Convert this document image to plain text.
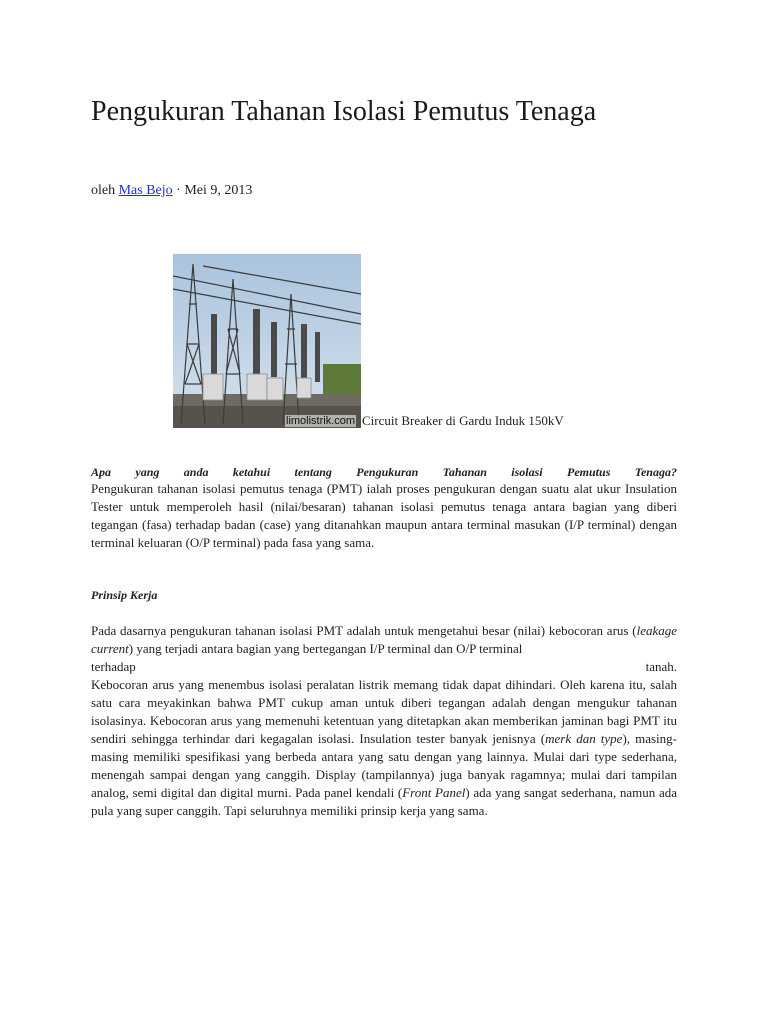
Pengukuran Tahanan Isolasi Pemutus Tenaga
oleh Mas Bejo · Mei 9, 2013
limolistrik.com Circuit Breaker di Gardu Induk 150kV
Apa yang anda ketahui tentang Pengukuran Tahanan isolasi Pemutus Tenaga?

Pengukuran tahanan isolasi pemutus tenaga (PMT) ialah proses pengukuran dengan suatu alat ukur Insulation Tester untuk memperoleh hasil (nilai/besaran) tahanan isolasi pemutus tenaga antara bagian yang diberi tegangan (fasa) terhadap badan (case) yang ditanahkan maupun antara terminal masukan (I/P terminal) dengan terminal keluaran (O/P terminal) pada fasa yang sama.

Prinsip Kerja

Pada dasarnya pengukuran tahanan isolasi PMT adalah untuk mengetahui besar (nilai) kebocoran arus (leakage current) yang terjadi antara bagian yang bertegangan I/P terminal dan O/P terminal

terhadap	tanah.

Kebocoran arus yang menembus isolasi peralatan listrik memang tidak dapat dihindari. Oleh karena itu, salah satu cara meyakinkan bahwa PMT cukup aman untuk diberi tegangan adalah dengan mengukur tahanan isolasinya. Kebocoran arus yang memenuhi ketentuan yang ditetapkan akan memberikan jaminan bagi PMT itu sendiri sehingga terhindar dari kegagalan isolasi. Insulation tester banyak jenisnya (merk dan type), masing-masing memiliki spesifikasi yang berbeda antara yang satu dengan yang lainnya. Mulai dari type sederhana, menengah sampai dengan yang canggih. Display (tampilannya) juga banyak ragamnya; mulai dari tampilan analog, semi digital dan digital murni. Pada panel kendali (Front Panel) ada yang sangat sederhana, namun ada pula yang super canggih. Tapi seluruhnya memiliki prinsip kerja yang sama.
